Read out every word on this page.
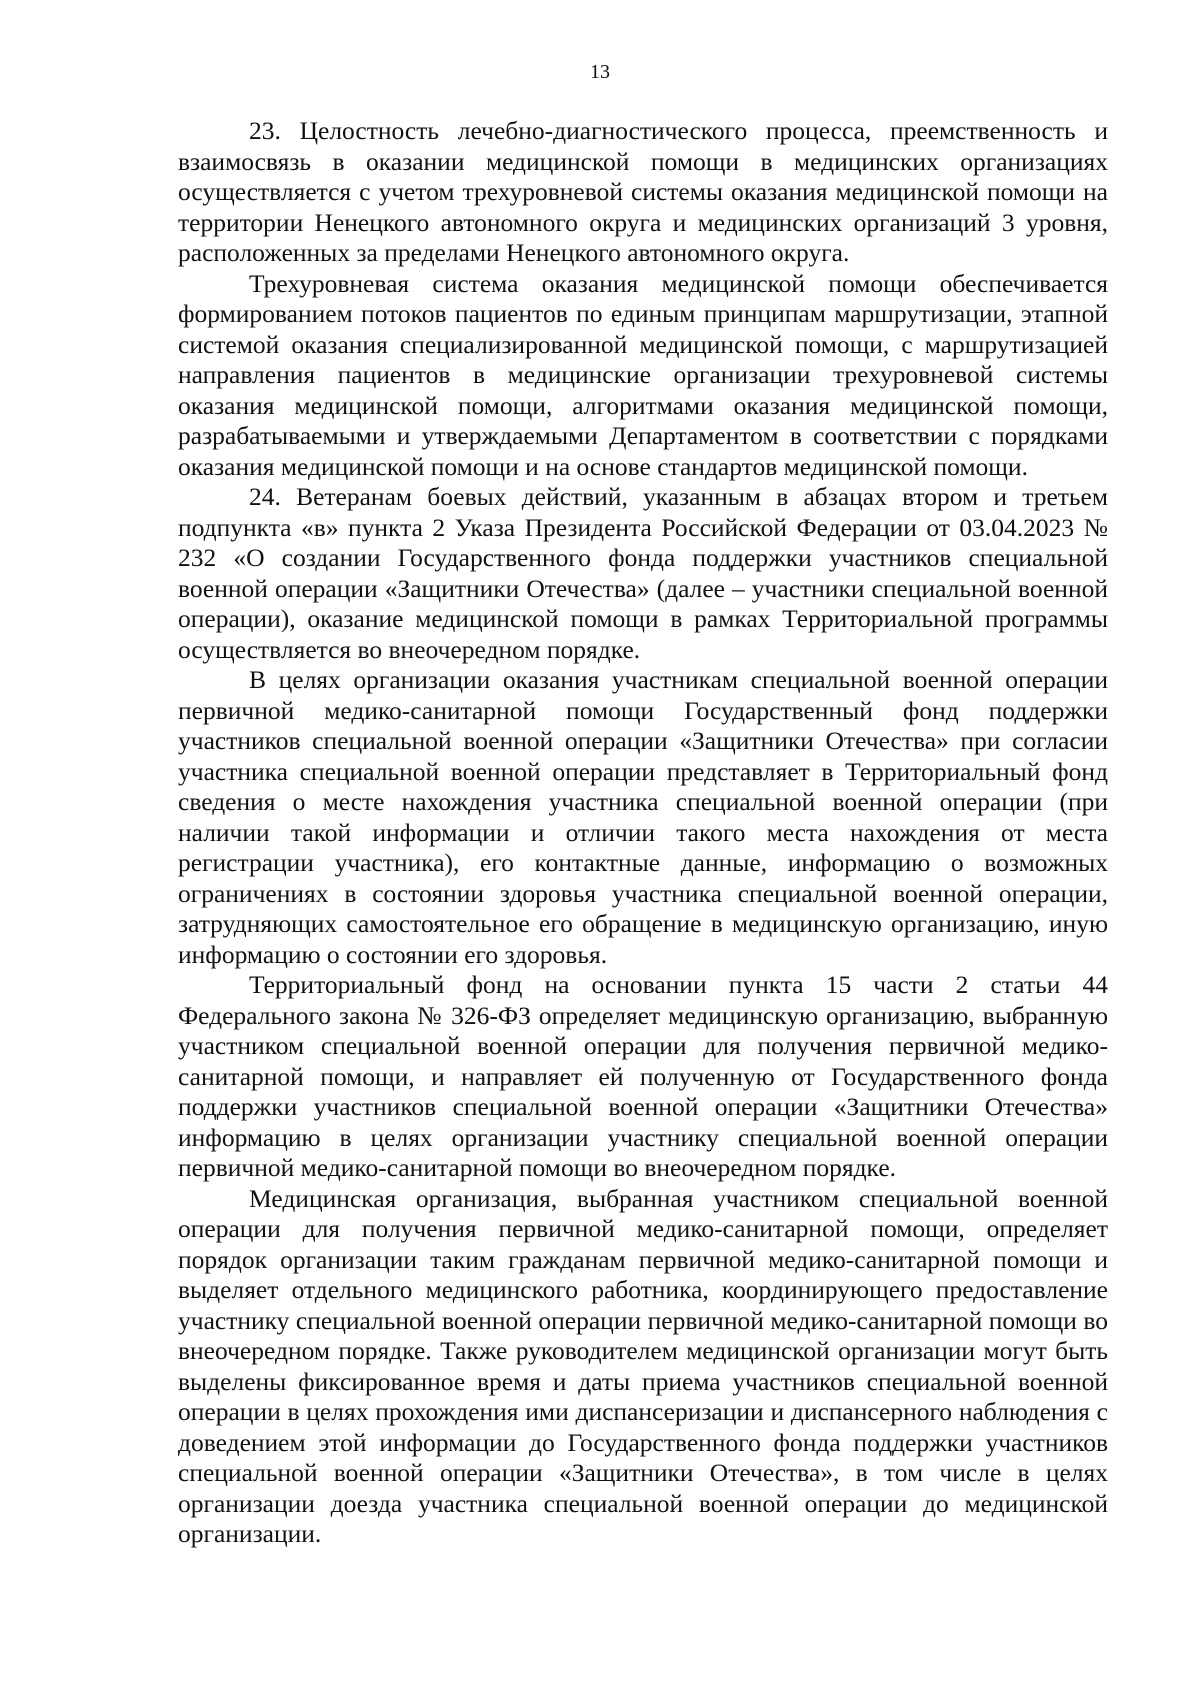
13

23. Целостность лечебно-диагностического процесса, преемственность и взаимосвязь в оказании медицинской помощи в медицинских организациях осуществляется с учетом трехуровневой системы оказания медицинской помощи на территории Ненецкого автономного округа и медицинских организаций 3 уровня, расположенных за пределами Ненецкого автономного округа.

Трехуровневая система оказания медицинской помощи обеспечивается формированием потоков пациентов по единым принципам маршрутизации, этапной системой оказания специализированной медицинской помощи, с маршрутизацией направления пациентов в медицинские организации трехуровневой системы оказания медицинской помощи, алгоритмами оказания медицинской помощи, разрабатываемыми и утверждаемыми Департаментом в соответствии с порядками оказания медицинской помощи и на основе стандартов медицинской помощи.

24. Ветеранам боевых действий, указанным в абзацах втором и третьем подпункта «в» пункта 2 Указа Президента Российской Федерации от 03.04.2023 № 232 «О создании Государственного фонда поддержки участников специальной военной операции «Защитники Отечества» (далее – участники специальной военной операции), оказание медицинской помощи в рамках Территориальной программы осуществляется во внеочередном порядке.

В целях организации оказания участникам специальной военной операции первичной медико-санитарной помощи Государственный фонд поддержки участников специальной военной операции «Защитники Отечества» при согласии участника специальной военной операции представляет в Территориальный фонд сведения о месте нахождения участника специальной военной операции (при наличии такой информации и отличии такого места нахождения от места регистрации участника), его контактные данные, информацию о возможных ограничениях в состоянии здоровья участника специальной военной операции, затрудняющих самостоятельное его обращение в медицинскую организацию, иную информацию о состоянии его здоровья.

Территориальный фонд на основании пункта 15 части 2 статьи 44 Федерального закона № 326-ФЗ определяет медицинскую организацию, выбранную участником специальной военной операции для получения первичной медико-санитарной помощи, и направляет ей полученную от Государственного фонда поддержки участников специальной военной операции «Защитники Отечества» информацию в целях организации участнику специальной военной операции первичной медико-санитарной помощи во внеочередном порядке.

Медицинская организация, выбранная участником специальной военной операции для получения первичной медико-санитарной помощи, определяет порядок организации таким гражданам первичной медико-санитарной помощи и выделяет отдельного медицинского работника, координирующего предоставление участнику специальной военной операции первичной медико-санитарной помощи во внеочередном порядке. Также руководителем медицинской организации могут быть выделены фиксированное время и даты приема участников специальной военной операции в целях прохождения ими диспансеризации и диспансерного наблюдения с доведением этой информации до Государственного фонда поддержки участников специальной военной операции «Защитники Отечества», в том числе в целях организации доезда участника специальной военной операции до медицинской организации.
